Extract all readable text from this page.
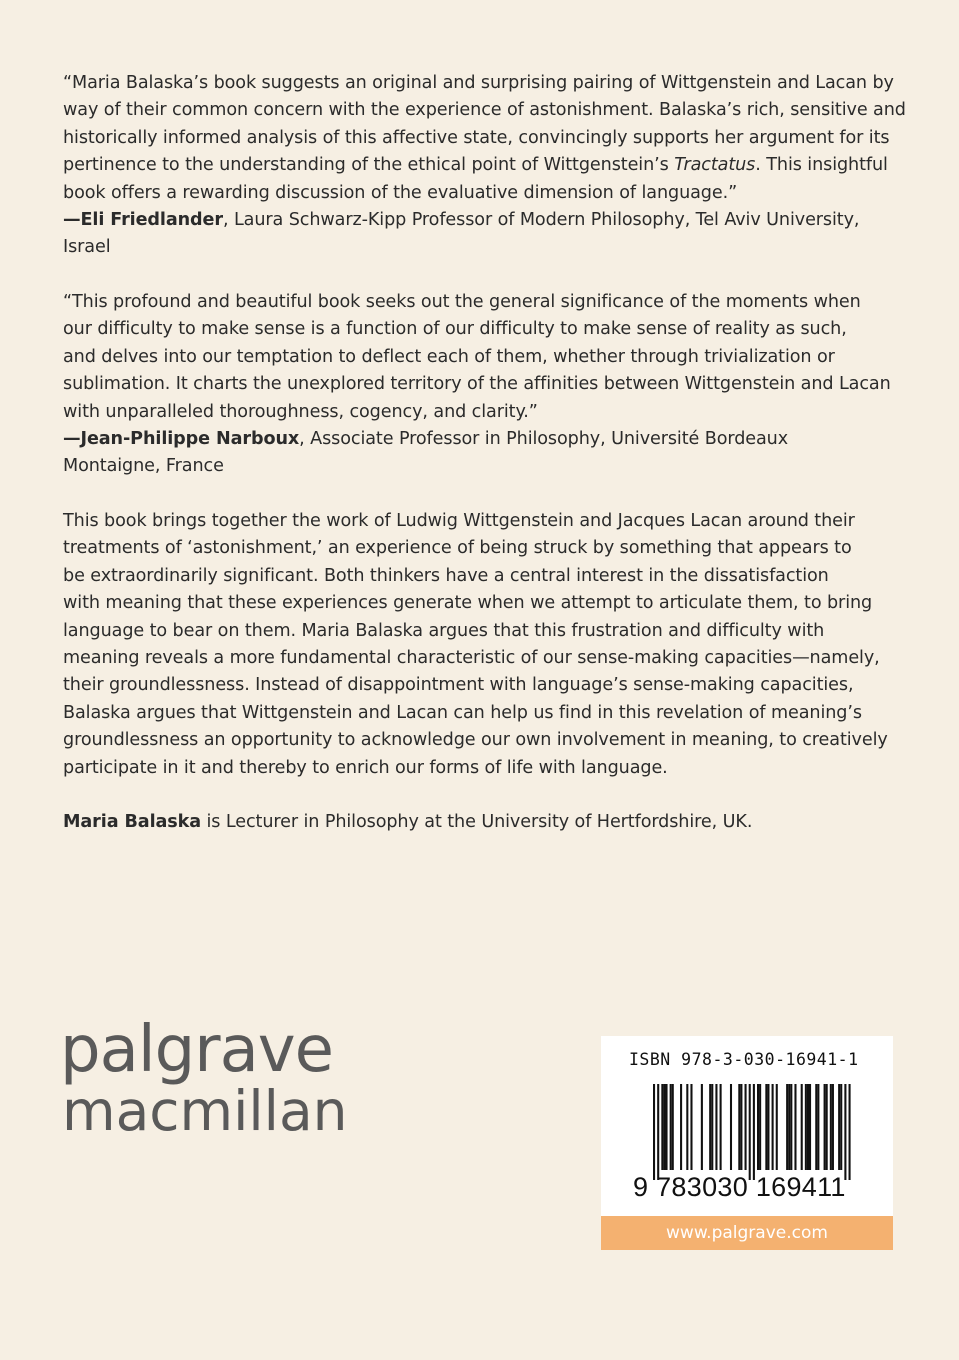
“Maria Balaska’s book suggests an original and surprising pairing of Wittgenstein and Lacan by
way of their common concern with the experience of astonishment. Balaska’s rich, sensitive and
historically informed analysis of this affective state, convincingly supports her argument for its
pertinence to the understanding of the ethical point of Wittgenstein’s Tractatus. This insightful
book offers a rewarding discussion of the evaluative dimension of language.”
—Eli Friedlander, Laura Schwarz-Kipp Professor of Modern Philosophy, Tel Aviv University,
Israel
“This profound and beautiful book seeks out the general significance of the moments when
our difficulty to make sense is a function of our difficulty to make sense of reality as such,
and delves into our temptation to deflect each of them, whether through trivialization or
sublimation. It charts the unexplored territory of the affinities between Wittgenstein and Lacan
with unparalleled thoroughness, cogency, and clarity.”
—Jean-Philippe Narboux, Associate Professor in Philosophy, Université Bordeaux
Montaigne, France
This book brings together the work of Ludwig Wittgenstein and Jacques Lacan around their
treatments of ‘astonishment,’ an experience of being struck by something that appears to
be extraordinarily significant. Both thinkers have a central interest in the dissatisfaction
with meaning that these experiences generate when we attempt to articulate them, to bring
language to bear on them. Maria Balaska argues that this frustration and difficulty with
meaning reveals a more fundamental characteristic of our sense-making capacities—namely,
their groundlessness. Instead of disappointment with language’s sense-making capacities,
Balaska argues that Wittgenstein and Lacan can help us find in this revelation of meaning’s
groundlessness an opportunity to acknowledge our own involvement in meaning, to creatively
participate in it and thereby to enrich our forms of life with language.
Maria Balaska is Lecturer in Philosophy at the University of Hertfordshire, UK.
palgrave
macmillan
ISBN 978-3-030-16941-1
9 783030 169411
www.palgrave.com
